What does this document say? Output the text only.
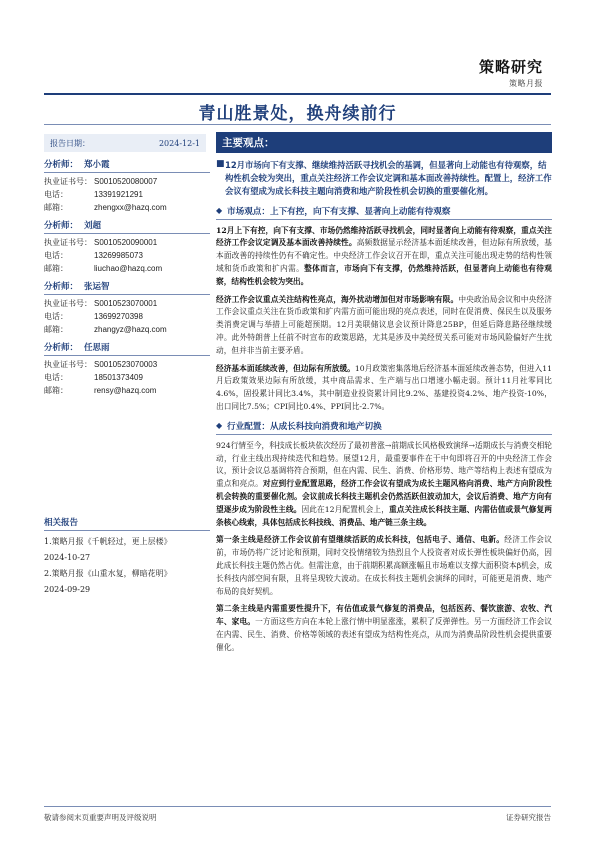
策略研究
策略月报
青山胜景处，换舟续前行
报告日期：	2024-12-1
分析师： 郑小霞
执业证书号： S0010520080007
电话：	13391921291
邮箱：	zhengxx@hazq.com
分析师： 刘超
执业证书号： S0010520090001
电话：	13269985073
邮箱：	liuchao@hazq.com
分析师： 张运智
执业证书号： S0010523070001
电话：	13699270398
邮箱：	zhangyz@hazq.com
分析师： 任思雨
执业证书号： S0010523070003
电话：	18501373409
邮箱：	rensy@hazq.com
相关报告
1.策略月报《千帆轻过，更上层楼》
2024-10-27
2.策略月报《山重水复，柳暗花明》
2024-09-29
主要观点：
■ 12月市场向下有支撑、继续维持活跃寻找机会的基调，但显著向上动能也有待观察，结构性机会较为突出，重点关注经济工作会议定调和基本面改善持续性。配置上，经济工作会议有望成为成长科技主题向消费和地产阶段性机会切换的重要催化剂。
◆ 市场观点：上下有控，向下有支撑、显著向上动能有待观察
12月上下有控，向下有支撑、市场仍然维持活跃寻找机会，同时显著向上动能有待观察，重点关注经济工作会议定调及基本面改善持续性。高频数据显示经济基本面延续改善，但边际有所放缓，基本面改善的持续性仍有不确定性。中央经济工作会议召开在即，重点关注可能出现走势的结构性领域和货币政策和扩内需。整体而言，市场向下有支撑，仍然维持活跃，但显著向上动能也有待观察，结构性机会较为突出。
经济工作会议重点关注结构性亮点，海外扰动增加但对市场影响有限。中央政治局会议和中央经济工作会议重点关注在货币政策和扩内需方面可能出现的亮点表述，同时在促消费、保民生以及服务类消费定调与举措上可能超预期。12月美联储议息会议预计降息25BP，但延后降息路径继续缓冲。此外特朗普上任前不时宣布的政策思路，尤其是涉及中美经贸关系可能对市场风险偏好产生扰动，但并非当前主要矛盾。
经济基本面延续改善，但边际有所放缓。10月政策密集落地后经济基本面延续改善态势，但进入11月后政策效果边际有所放缓，其中商品需求、生产端与出口增速小幅走弱。预计11月社零同比4.6%，固投累计同比3.4%，其中制造业投资累计同比9.2%、基建投资4.2%、地产投资-10%，出口同比7.5%；CPI同比0.4%、PPI同比-2.7%。
◆ 行业配置：从成长科技向消费和地产切换
924行情至今，科技成长板块依次经历了最初普涨→前期成长风格极致演绎→适期成长与消费交相轮动，行业主线出现持续迭代和趋势。展望12月，最重要事件在于中旬即将召开的中央经济工作会议，预计会议总基调将符合预期，但在内需、民生、消费、价格形势、地产等结构上表述有望成为重点和亮点。对应到行业配置思路，经济工作会议有望成为成长主题风格向消费、地产方向阶段性机会转换的重要催化剂。会议前成长科技主题机会仍然活跃但波动加大，会议后消费、地产方向有望逐步成为阶段性主线。因此在12月配置机会上，重点关注成长科技主题、内需估值或景气修复两条核心线索，具体包括成长科技线、消费品、地产链三条主线。
第一条主线是经济工作会议前有望继续活跃的成长科技，包括电子、通信、电新。经济工作会议前，市场仍将广泛讨论和预期，同时交投情绪较为热烈且个人投资者对成长弹性板块偏好仍高，因此成长科技主题仍然占优。但需注意，由于前期积累高额涨幅且市场难以支撑大面积资本β机会，成长科技内部空间有限，且将呈现较大波动。在成长科技主题机会演绎的同时，可能更是消费、地产布局的良好契机。
第二条主线是内需重要性提升下，有估值或景气修复的消费品，包括医药、餐饮旅游、农牧、汽车、家电。一方面这些方向在本轮上涨行情中明显涨涨，累积了反弹弹性。另一方面经济工作会议在内需、民生、消费、价格等领域的表述有望成为结构性亮点，从而为消费品阶段性机会提供重要催化。
敬请参阅末页重要声明及评级说明	证券研究报告
